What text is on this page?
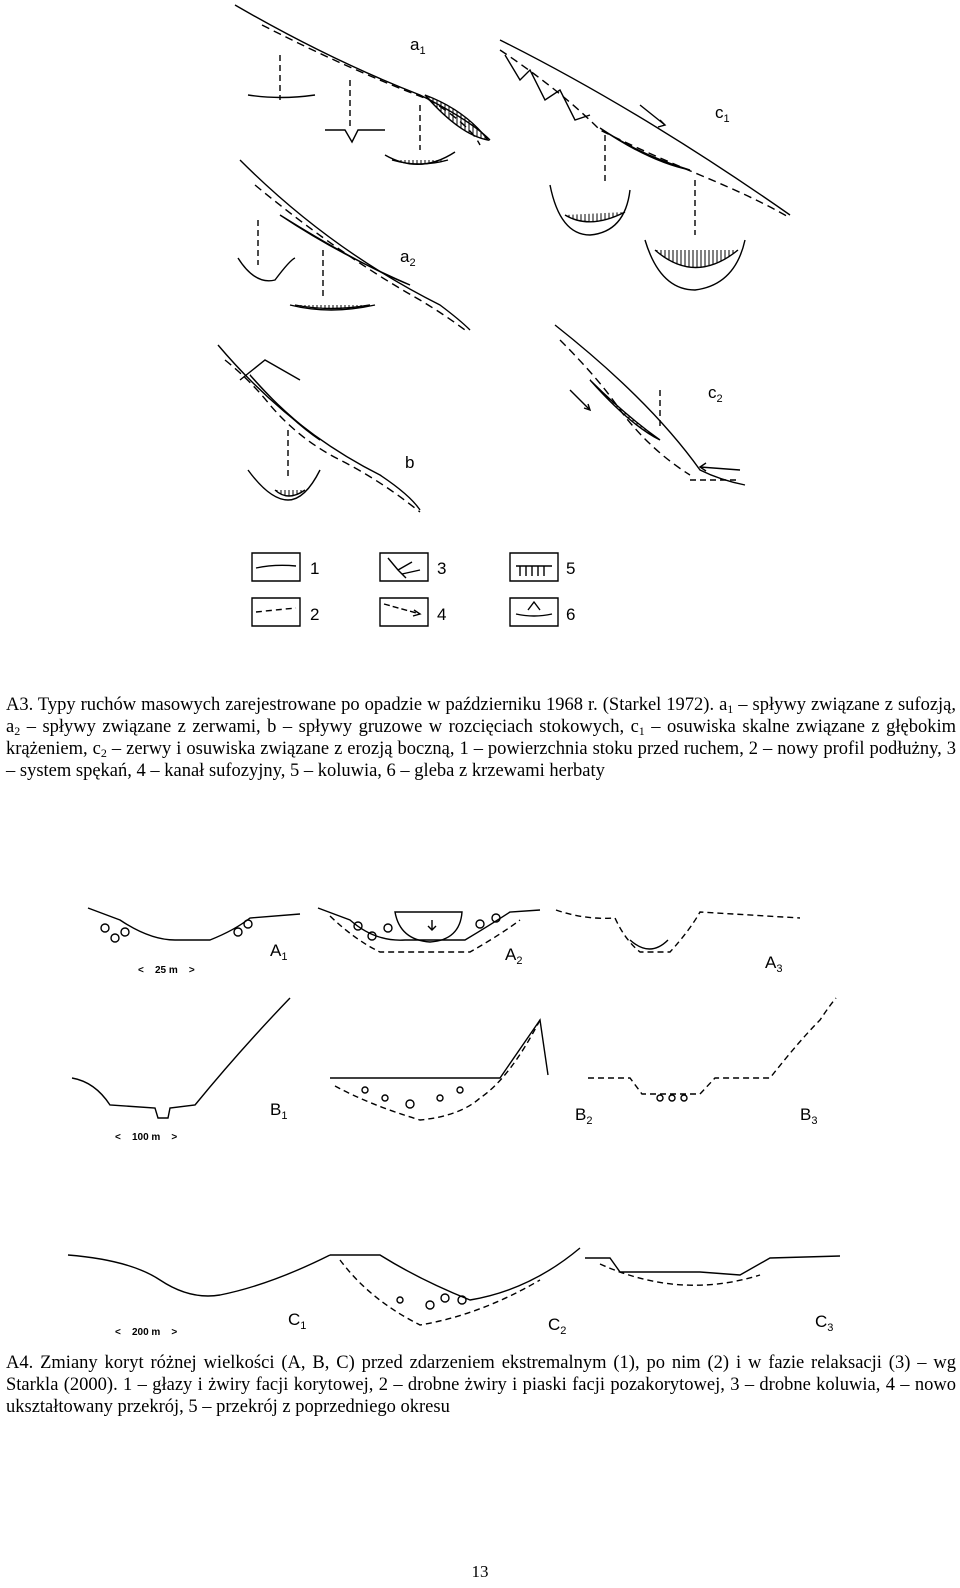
$a_1$
$c_1$
$a_2$
$c_2$
b
1
2
3
4
5
6
A3. Typy ruchów masowych zarejestrowane po opadzie w październiku 1968 r. (Starkel 1972). $a_1$ – spływy związane z sufozją, $a_2$ – spływy związane z zerwami, b – spływy gruzowe w rozcięciach stokowych, $c_1$ – osuwiska skalne związane z głębokim krążeniem, $c_2$ – zerwy i osuwiska związane z erozją boczną, 1 – powierzchnia stoku przed ruchem, 2 – nowy profil podłużny, 3 – system spękań, 4 – kanał sufozyjny, 5 – koluwia, 6 – gleba z krzewami herbaty
$A_1$	$A_2$	$A_3$
$B_1$	$B_2$	$B_3$
$C_1$	$C_2$	$C_3$
<    25 m    >
<    100 m    >
<    200 m    >
A4. Zmiany koryt różnej wielkości (A, B, C) przed zdarzeniem ekstremalnym (1), po nim (2) i w fazie relaksacji (3) – wg Starkla (2000). 1 – głazy i żwiry facji korytowej, 2 – drobne żwiry i piaski facji pozakorytowej, 3 – drobne koluwia, 4 – nowo ukształtowany przekrój, 5 – przekrój z poprzedniego okresu
13
